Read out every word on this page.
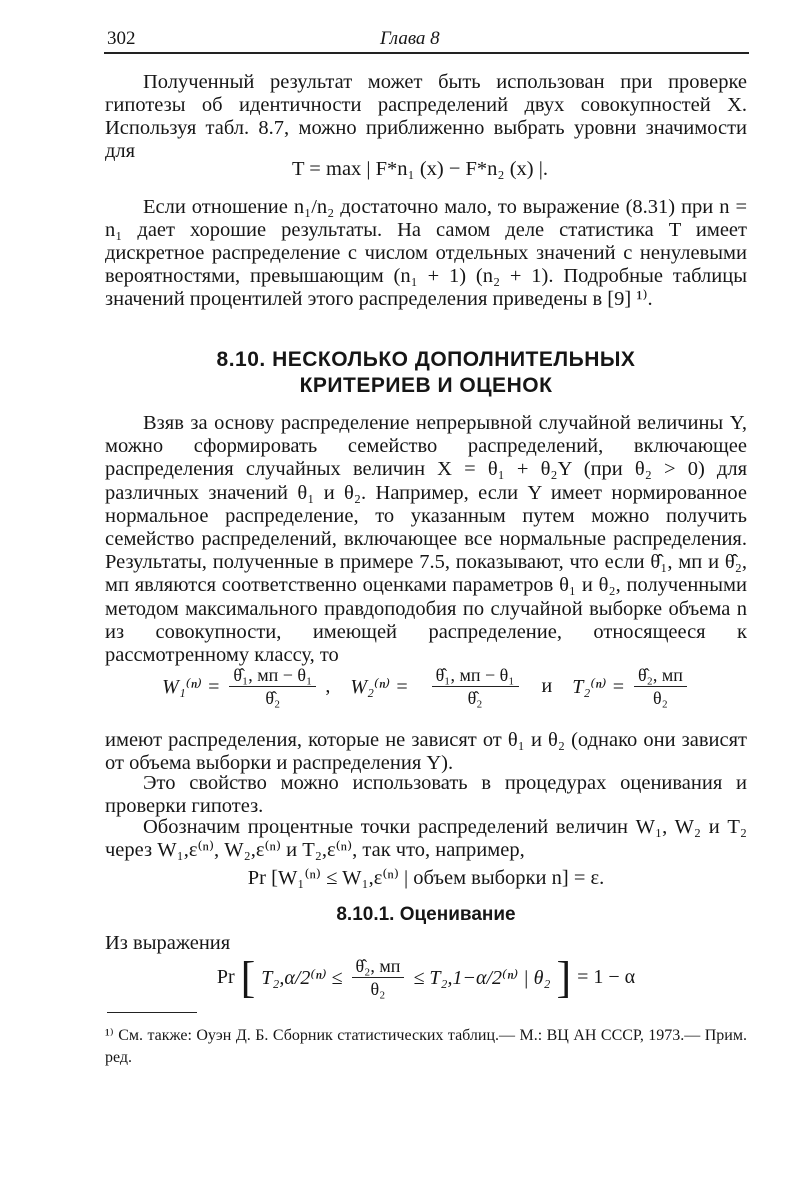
302	Глава 8

Полученный результат может быть использован при проверке гипотезы об идентичности распределений двух совокупностей X. Используя табл. 8.7, можно приближенно выбрать уровни значимости для

T = max | F*n₁ (x) − F*n₂ (x) |.

Если отношение n₁/n₂ достаточно мало, то выражение (8.31) при n = n₁ дает хорошие результаты. На самом деле статистика T имеет дискретное распределение с числом отдельных значений с ненулевыми вероятностями, превышающим (n₁ + 1) (n₂ + 1). Подробные таблицы значений процентилей этого распределения приведены в [9] ¹⁾.

8.10. НЕСКОЛЬКО ДОПОЛНИТЕЛЬНЫХ
КРИТЕРИЕВ И ОЦЕНОК

Взяв за основу распределение непрерывной случайной величины Y, можно сформировать семейство распределений, включающее распределения случайных величин X = θ₁ + θ₂Y (при θ₂ > 0) для различных значений θ₁ и θ₂. Например, если Y имеет нормированное нормальное распределение, то указанным путем можно получить семейство распределений, включающее все нормальные распределения. Результаты, полученные в примере 7.5, показывают, что если θ̂₁, мп и θ̂₂, мп являются соответственно оценками параметров θ₁ и θ₂, полученными методом максимального правдоподобия по случайной выборке объема n из совокупности, имеющей распределение, относящееся к рассмотренному классу, то

$W_1^{(n)} = \frac{\text{θ̂₁, мп − θ₁}}{\text{θ̂₂}}$ , $W_2^{(n)} = \frac{\text{θ̂₁, мп − θ₁}}{\text{θ̂₂}}$ и $T_2^{(n)} = \frac{\text{θ̂₂, мп}}{\text{θ₂}}$

имеют распределения, которые не зависят от θ₁ и θ₂ (однако они зависят от объема выборки и распределения Y).

Это свойство можно использовать в процедурах оценивания и проверки гипотез.

Обозначим процентные точки распределений величин W₁, W₂ и T₂ через W₁,ε⁽ⁿ⁾, W₂,ε⁽ⁿ⁾ и T₂,ε⁽ⁿ⁾, так что, например,

Pr [W₁⁽ⁿ⁾ ≤ W₁,ε⁽ⁿ⁾ | объем выборки n] = ε.
8.10.1. Оценивание

Из выражения

Pr [ $T_2,\alpha/2^{(n)} \le \frac{\text{θ̂₂, мп}}{\text{θ₂}} \le T_2,1-\alpha/2^{(n)}$ | θ₂ ] = 1 − α
¹⁾ См. также: Оуэн Д. Б. Сборник статистических таблиц.— М.: ВЦ АН СССР, 1973.— Прим. ред.
